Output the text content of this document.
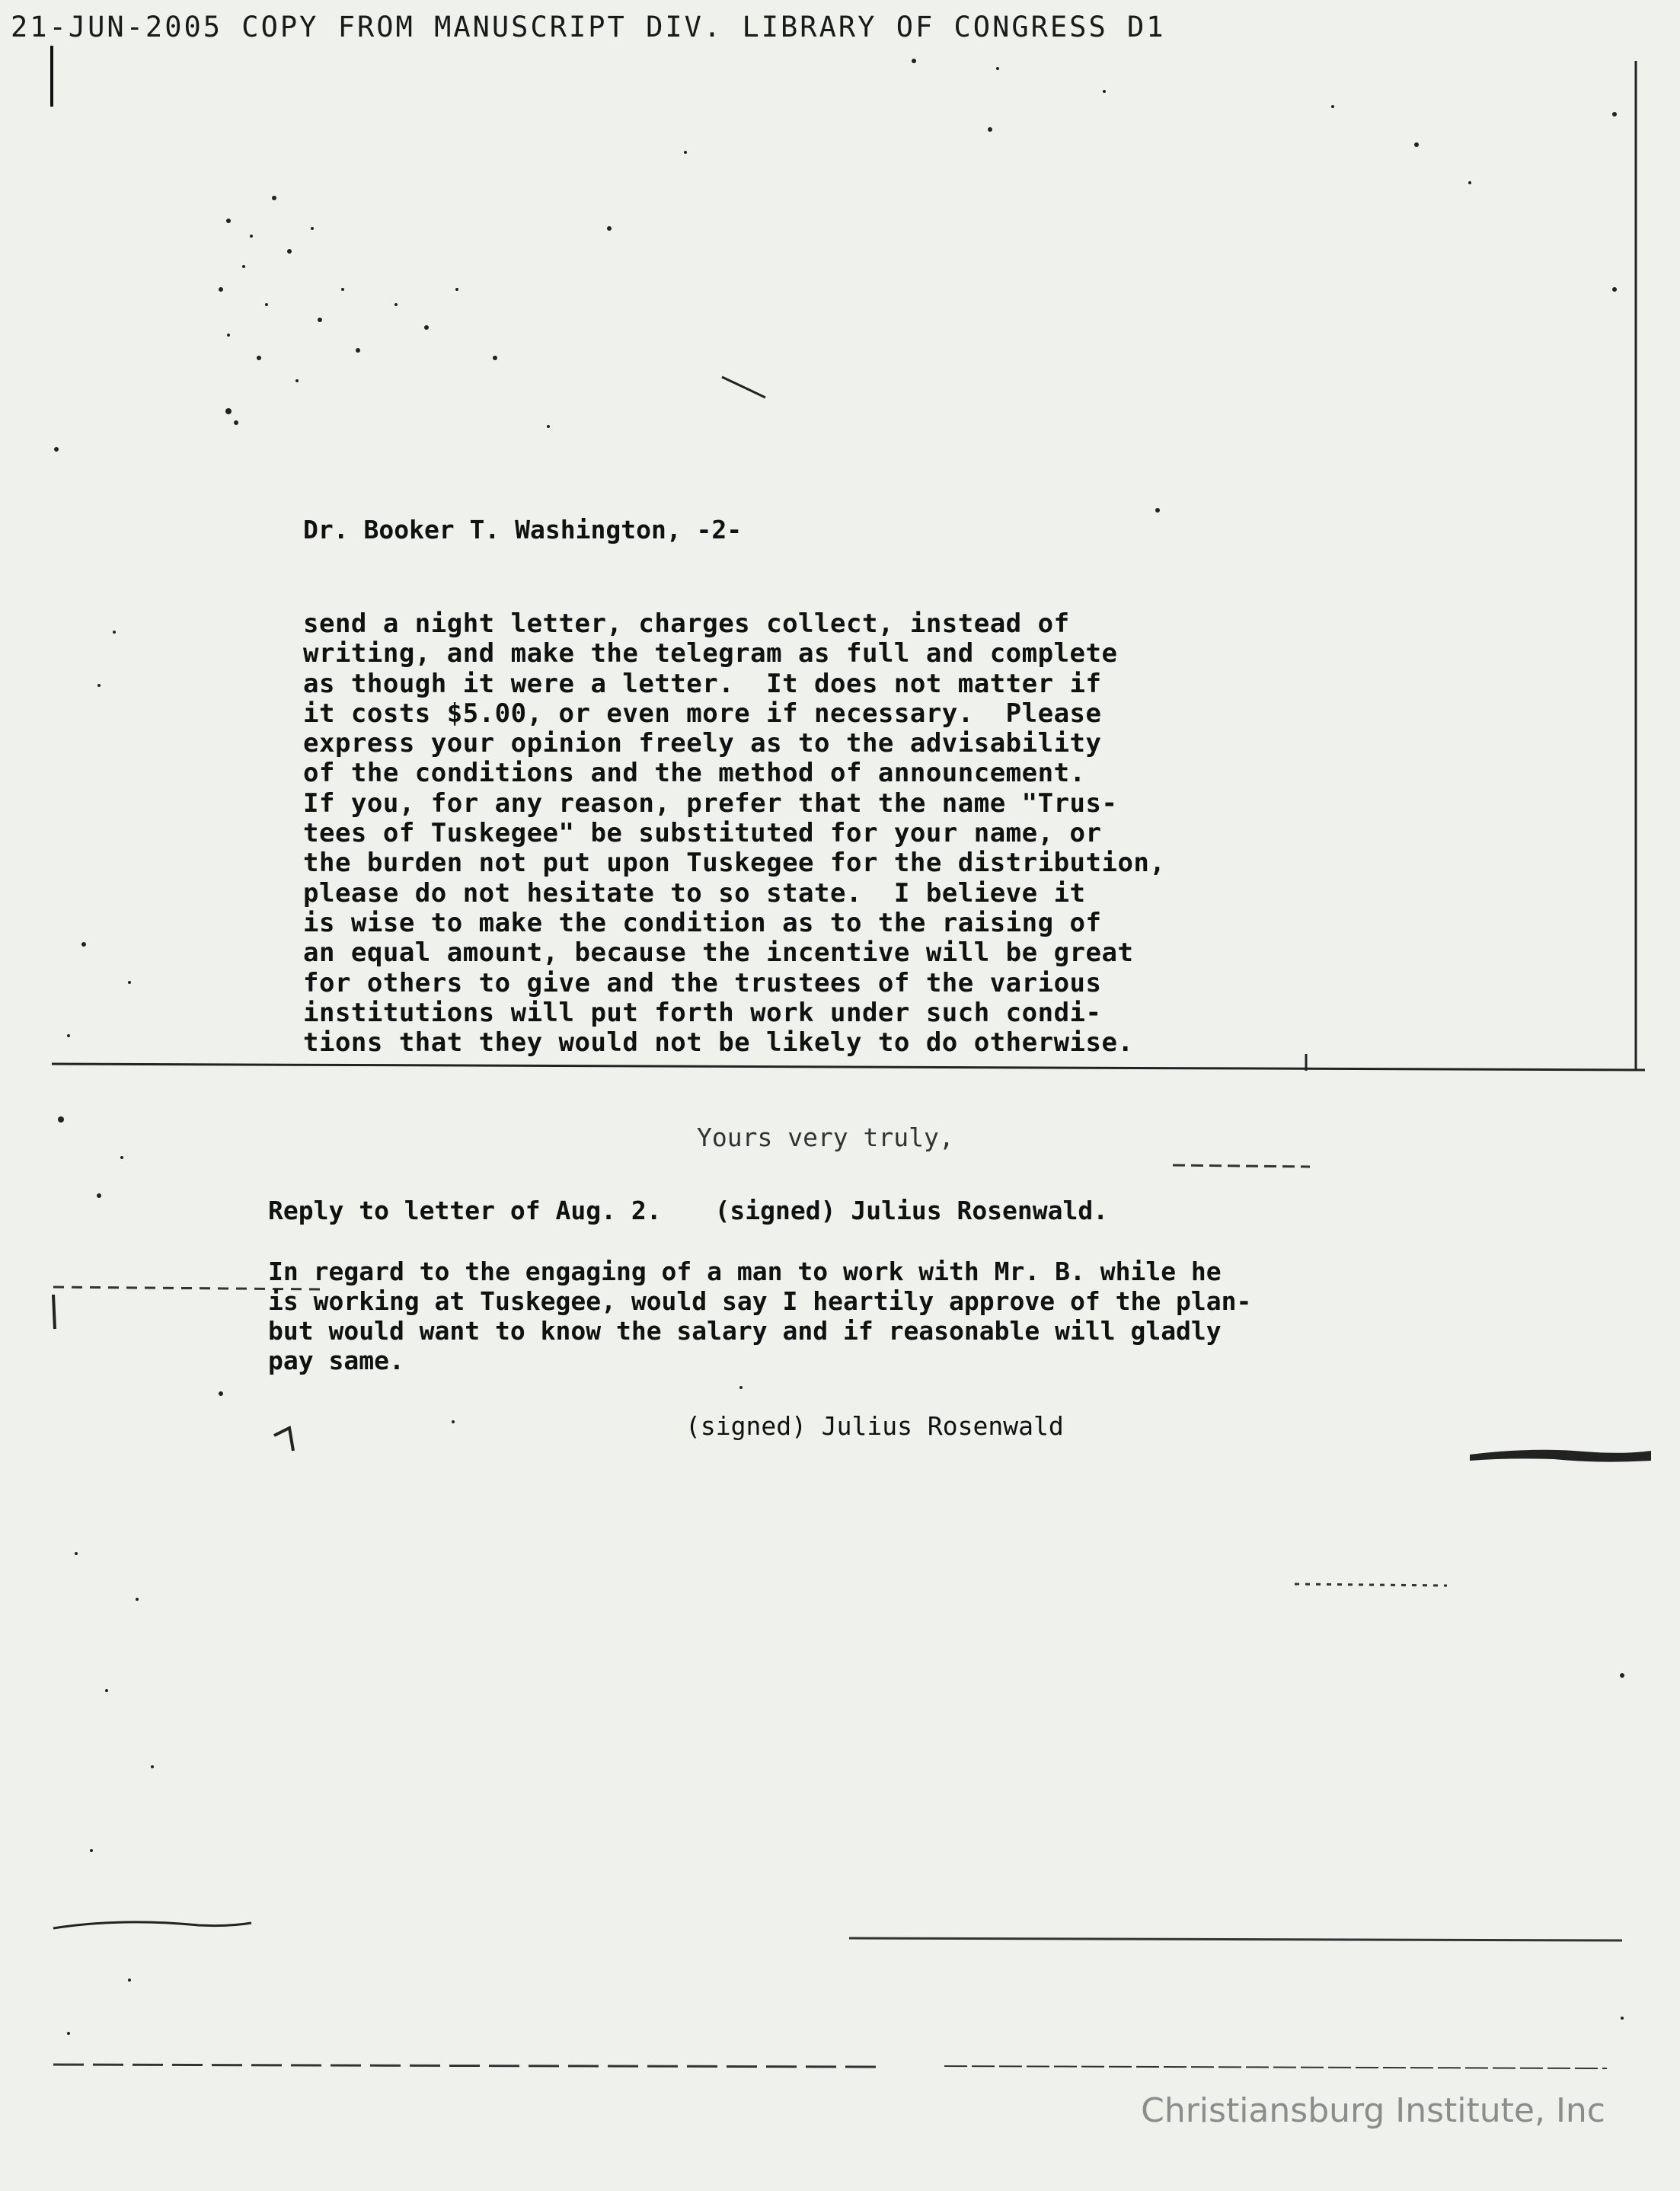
21-JUN-2005 COPY FROM MANUSCRIPT DIV. LIBRARY OF CONGRESS D1
Dr. Booker T. Washington, -2-
send a night letter, charges collect, instead of
writing, and make the telegram as full and complete
as though it were a letter.  It does not matter if
it costs $5.00, or even more if necessary.  Please
express your opinion freely as to the advisability
of the conditions and the method of announcement.
If you, for any reason, prefer that the name "Trus-
tees of Tuskegee" be substituted for your name, or
the burden not put upon Tuskegee for the distribution,
please do not hesitate to so state.  I believe it
is wise to make the condition as to the raising of
an equal amount, because the incentive will be great
for others to give and the trustees of the various
institutions will put forth work under such condi-
tions that they would not be likely to do otherwise.
Yours very truly,
Reply to letter of Aug. 2. (signed) Julius Rosenwald.
In regard to the engaging of a man to work with Mr. B. while he
is working at Tuskegee, would say I heartily approve of the plan-
but would want to know the salary and if reasonable will gladly
pay same.
(signed) Julius Rosenwald
Christiansburg Institute, Inc
